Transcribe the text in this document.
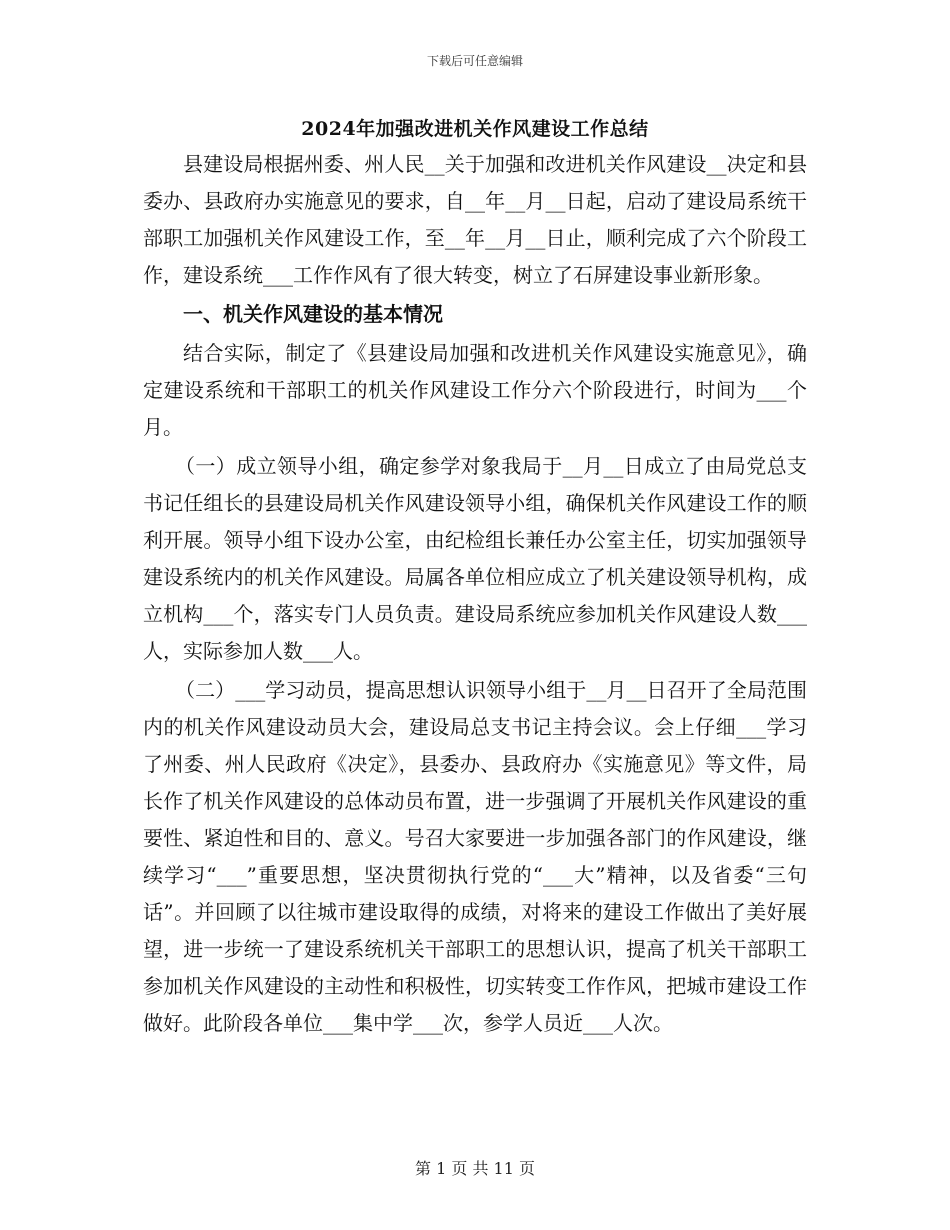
下载后可任意编辑
2024年加强改进机关作风建设工作总结

县建设局根据州委、州人民__关于加强和改进机关作风建设__决定和县委办、县政府办实施意见的要求，自__年__月__日起，启动了建设局系统干部职工加强机关作风建设工作，至__年__月__日止，顺利完成了六个阶段工作，建设系统___工作作风有了很大转变，树立了石屏建设事业新形象。

一、机关作风建设的基本情况

结合实际，制定了《县建设局加强和改进机关作风建设实施意见》，确定建设系统和干部职工的机关作风建设工作分六个阶段进行，时间为___个月。

（一）成立领导小组，确定参学对象我局于__月__日成立了由局党总支书记任组长的县建设局机关作风建设领导小组，确保机关作风建设工作的顺利开展。领导小组下设办公室，由纪检组长兼任办公室主任，切实加强领导建设系统内的机关作风建设。局属各单位相应成立了机关建设领导机构，成立机构___个，落实专门人员负责。建设局系统应参加机关作风建设人数___人，实际参加人数___人。

（二）___学习动员，提高思想认识领导小组于__月__日召开了全局范围内的机关作风建设动员大会，建设局总支书记主持会议。会上仔细___学习了州委、州人民政府《决定》，县委办、县政府办《实施意见》等文件，局长作了机关作风建设的总体动员布置，进一步强调了开展机关作风建设的重要性、紧迫性和目的、意义。号召大家要进一步加强各部门的作风建设，继续学习“___”重要思想，坚决贯彻执行党的“___大”精神，以及省委“三句话”。并回顾了以往城市建设取得的成绩，对将来的建设工作做出了美好展望，进一步统一了建设系统机关干部职工的思想认识，提高了机关干部职工参加机关作风建设的主动性和积极性，切实转变工作作风，把城市建设工作做好。此阶段各单位___集中学___次，参学人员近___人次。

第 1 页 共 11 页
